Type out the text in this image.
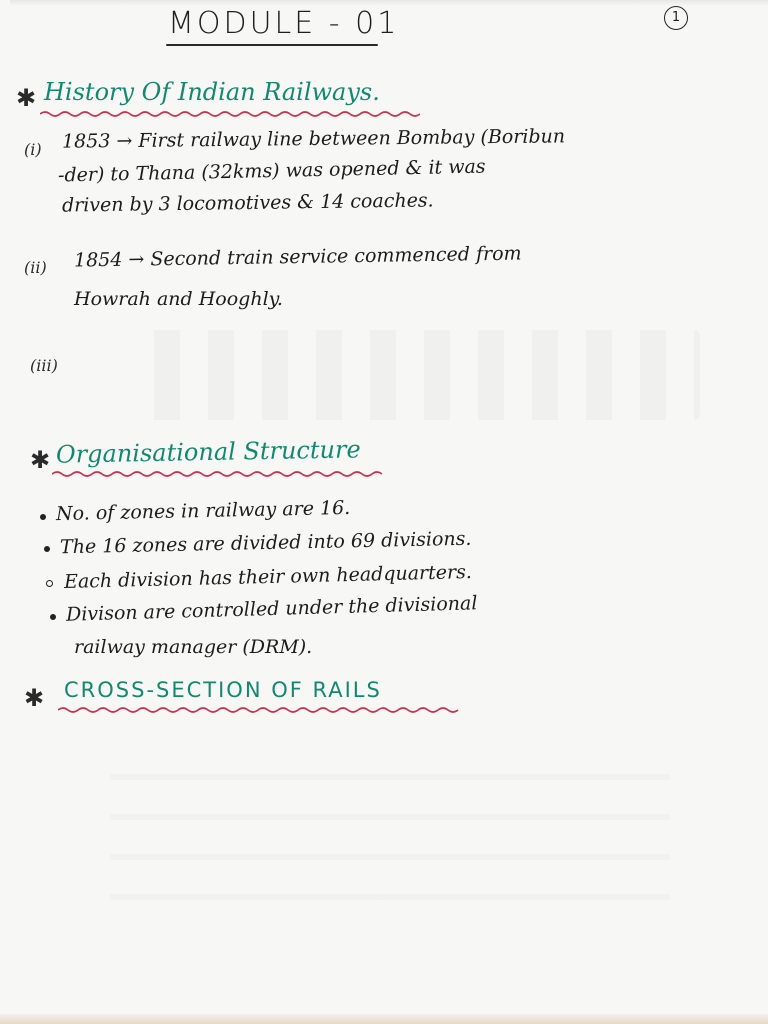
MODULE - 01	1
✱ History Of Indian Railways.
(i) 1853 → First railway line between Bombay (Boribun
-der) to Thana (32kms) was opened & it was
driven by 3 locomotives & 14 coaches.
(ii) 1854 → Second train service commenced from
Howrah and Hooghly.
(iii)
✱ Organisational Structure
No. of zones in railway are 16.
The 16 zones are divided into 69 divisions.
Each division has their own headquarters.
Divison are controlled under the divisional
railway manager (DRM).
✱ CROSS-SECTION OF RAILS
